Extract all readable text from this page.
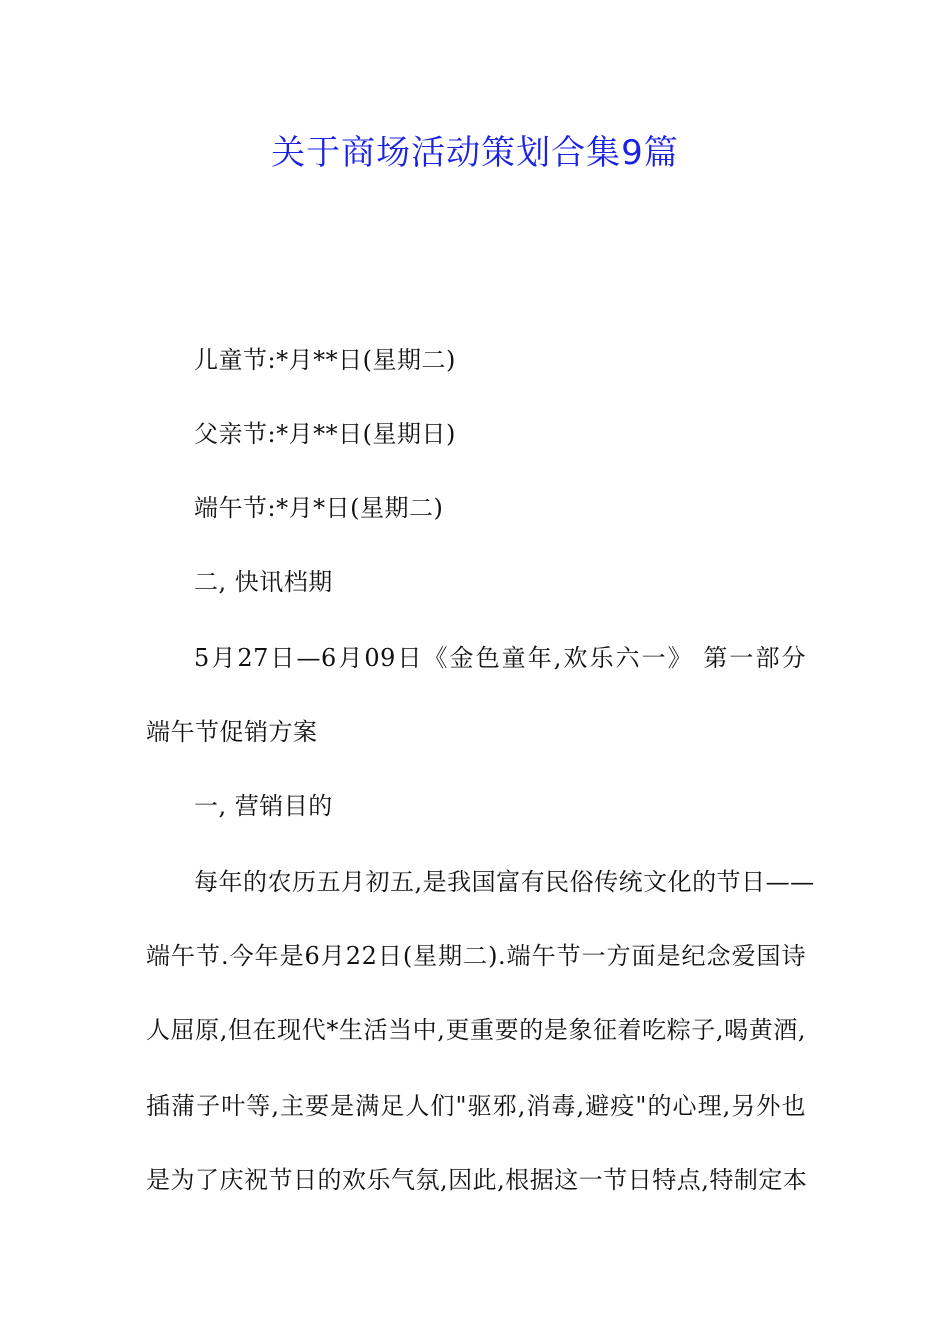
关于商场活动策划合集9篇
儿童节:*月**日(星期二)
父亲节:*月**日(星期日)
端午节:*月*日(星期二)
二, 快讯档期
5月27日—6月09日《金色童年,欢乐六一》 第一部分
端午节促销方案
一, 营销目的
每年的农历五月初五,是我国富有民俗传统文化的节日——
端午节.今年是6月22日(星期二).端午节一方面是纪念爱国诗
人屈原,但在现代*生活当中,更重要的是象征着吃粽子,喝黄酒,
插蒲子叶等,主要是满足人们"驱邪,消毒,避疫"的心理,另外也
是为了庆祝节日的欢乐气氛,因此,根据这一节日特点,特制定本
